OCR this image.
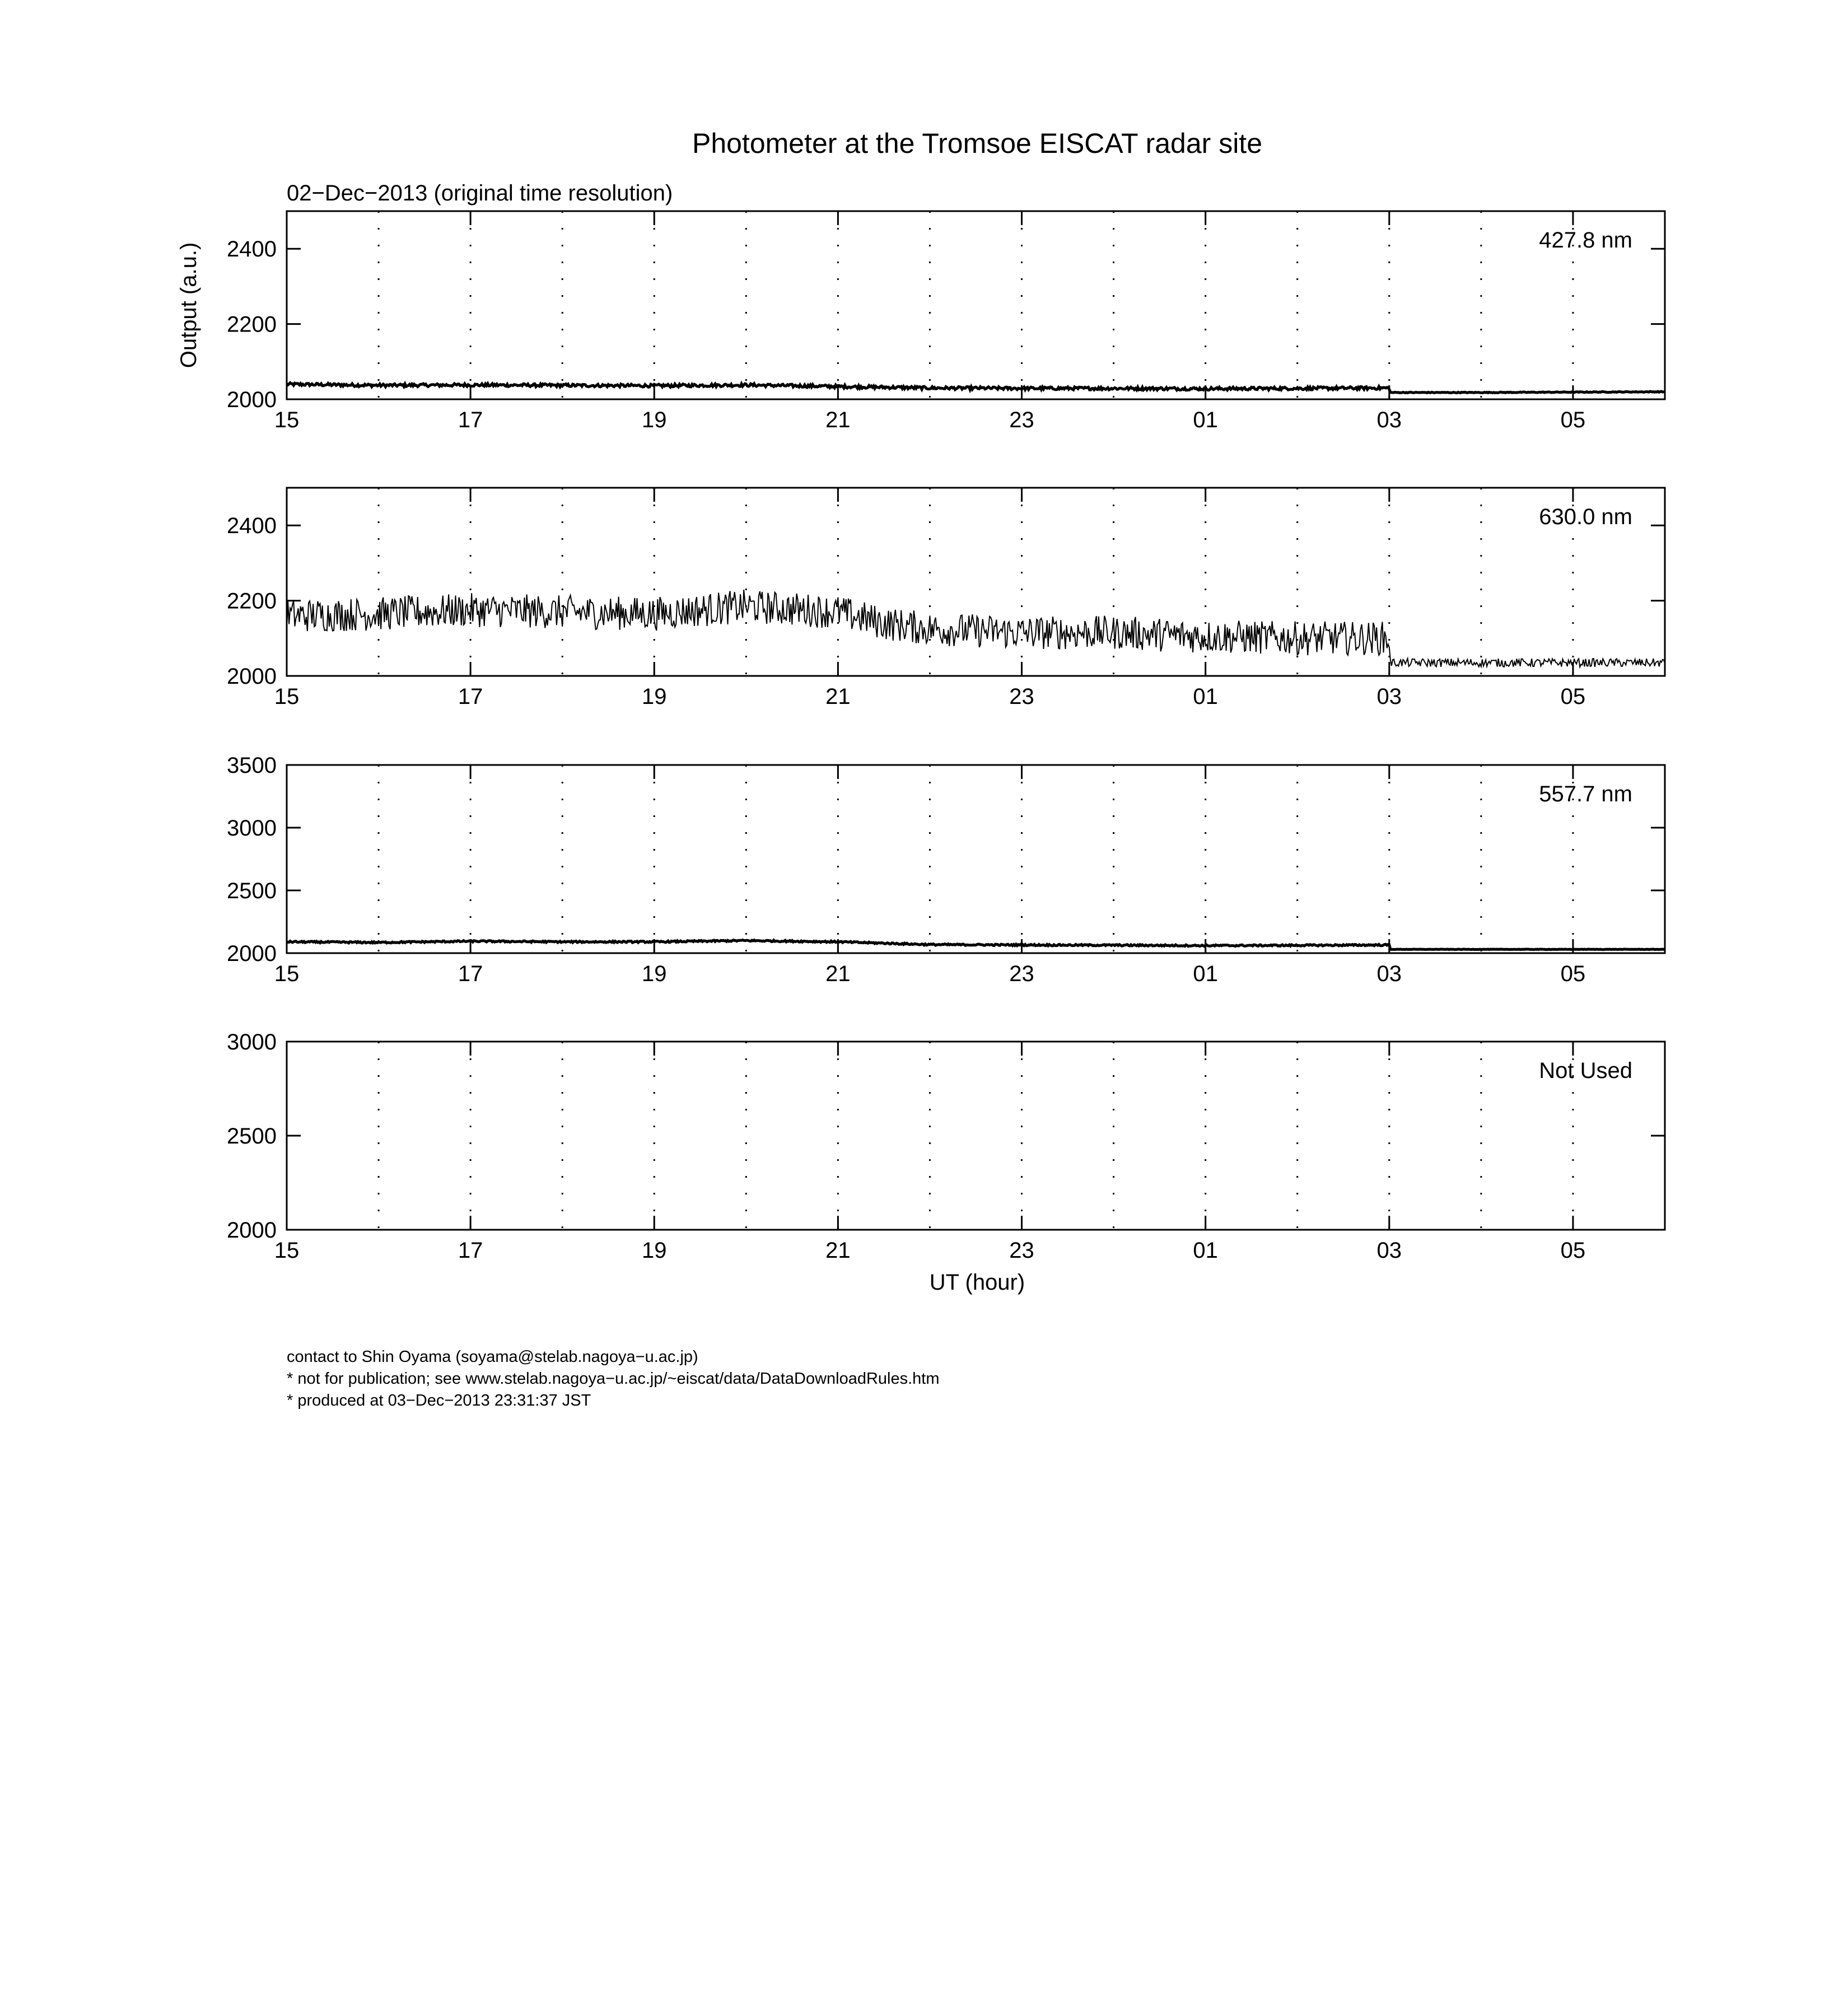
Photometer at the Tromsoe EISCAT radar site
02−Dec−2013 (original time resolution)
2000
2200
2400
15	17	19	21	23	01	03	05
427.8 nm
Output (a.u.)
2000
2200
2400
15	17	19	21	23	01	03	05
630.0 nm
2000
2500
3000
3500
15	17	19	21	23	01	03	05
557.7 nm
2000
2500
3000
15	17	19	21	23	01	03	05
Not Used
UT (hour)
contact to Shin Oyama (soyama@stelab.nagoya−u.ac.jp)
* not for publication; see www.stelab.nagoya−u.ac.jp/~eiscat/data/DataDownloadRules.htm
* produced at 03−Dec−2013 23:31:37 JST
